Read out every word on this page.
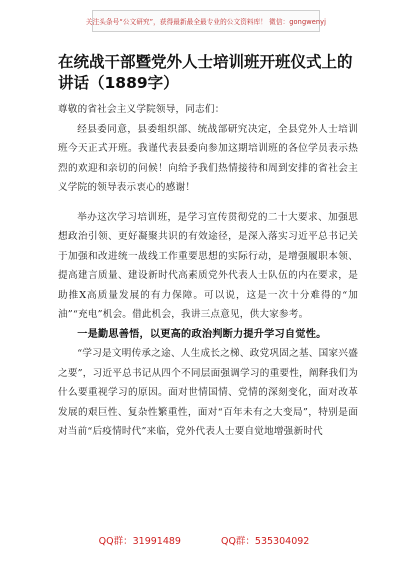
关注头条号“公文研究”，获得最新最全最专业的公文资料库！ 微信：gongwenyj
在统战干部暨党外人士培训班开班仪式上的讲话（1889字）

尊敬的省社会主义学院领导，同志们：

经县委同意，县委组织部、统战部研究决定，全县党外人士培训班今天正式开班。我谨代表县委向参加这期培训班的各位学员表示热烈的欢迎和亲切的问候！向给予我们热情接待和周到安排的省社会主义学院的领导表示衷心的感谢！

举办这次学习培训班，是学习宣传贯彻党的二十大要求、加强思想政治引领、更好凝聚共识的有效途径，是深入落实习近平总书记关于加强和改进统一战线工作重要思想的实际行动，是增强履职本领、提高建言质量、建设新时代高素质党外代表人士队伍的内在要求，是助推X高质量发展的有力保障。可以说，这是一次十分难得的“加油”“充电”机会。借此机会，我讲三点意见，供大家参考。

一是勤思善悟，以更高的政治判断力提升学习自觉性。

“学习是文明传承之途、人生成长之梯、政党巩固之基、国家兴盛之要”，习近平总书记从四个不同层面强调学习的重要性，阐释我们为什么要重视学习的原因。面对世情国情、党情的深刻变化，面对改革发展的艰巨性、复杂性繁重性，面对“百年未有之大变局”，特别是面对当前“后疫情时代”来临，党外代表人士要自觉地增强新时代

QQ群：31991489	QQ群：535304092
